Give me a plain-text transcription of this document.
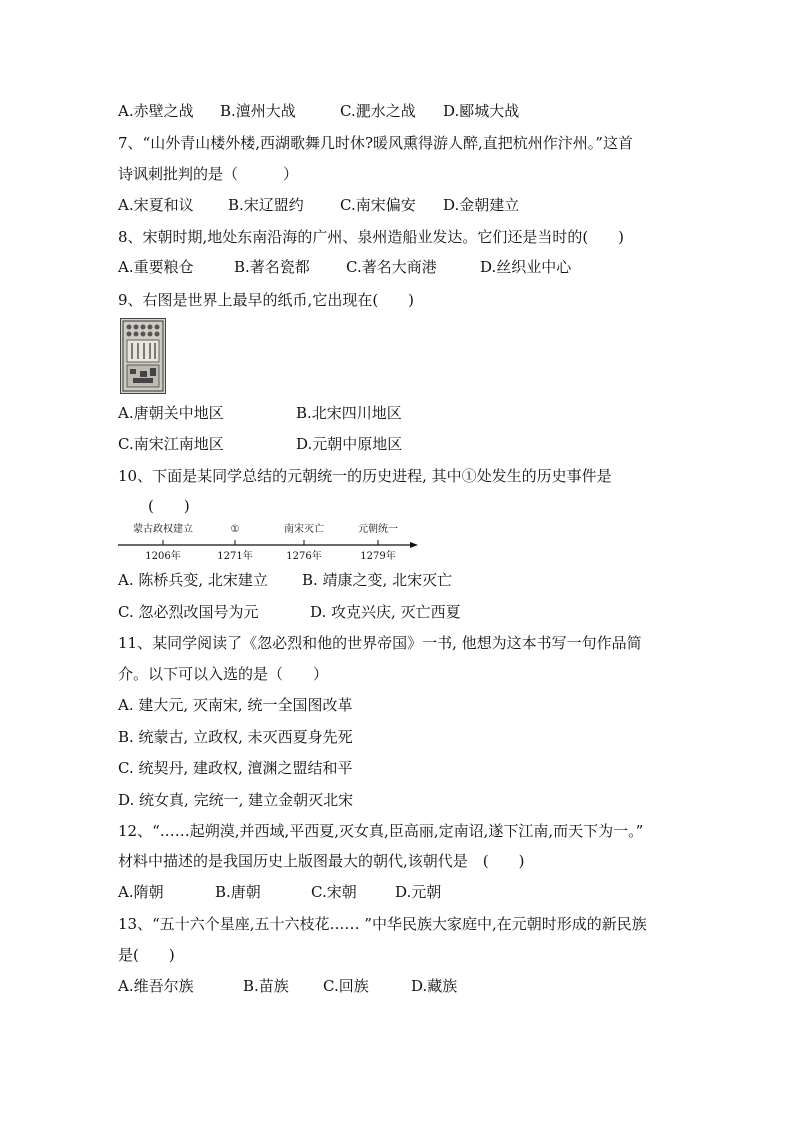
A.赤壁之战 B.澶州大战	C.淝水之战 D.郾城大战
7、“山外青山楼外楼,西湖歌舞几时休?暖风熏得游人醉,直把杭州作汴州。”这首
诗讽刺批判的是（　　　）
A.宋夏和议 B.宋辽盟约 C.南宋偏安 D.金朝建立
8、宋朝时期,地处东南沿海的广州、泉州造船业发达。它们还是当时的(　　)
A.重要粮仓	B.著名瓷都 C.著名大商港	D.丝织业中心
9、右图是世界上最早的纸币,它出现在(　　)
A.唐朝关中地区	B.北宋四川地区
C.南宋江南地区	D.元朝中原地区
10、下面是某同学总结的元朝统一的历史进程, 其中①处发生的历史事件是
(　　)
蒙古政权建立	①	南宋灭亡	元朝统一
1206年	1271年	1276年	1279年
A. 陈桥兵变, 北宋建立 B. 靖康之变, 北宋灭亡
C. 忽必烈改国号为元	D. 攻克兴庆, 灭亡西夏
11、某同学阅读了《忽必烈和他的世界帝国》一书, 他想为这本书写一句作品简
介。以下可以入选的是（　　）
A. 建大元, 灭南宋, 统一全国图改革
B. 统蒙古, 立政权, 未灭西夏身先死
C. 统契丹, 建政权, 澶渊之盟结和平
D. 统女真, 完统一, 建立金朝灭北宋
12、“……起朔漠,并西域,平西夏,灭女真,臣高丽,定南诏,遂下江南,而天下为一。”
材料中描述的是我国历史上版图最大的朝代,该朝代是　(　　)
A.隋朝	B.唐朝	C.宋朝	D.元朝
13、“五十六个星座,五十六枝花…… ”中华民族大家庭中,在元朝时形成的新民族
是(　　)
A.维吾尔族	B.苗族 C.回族	D.藏族
